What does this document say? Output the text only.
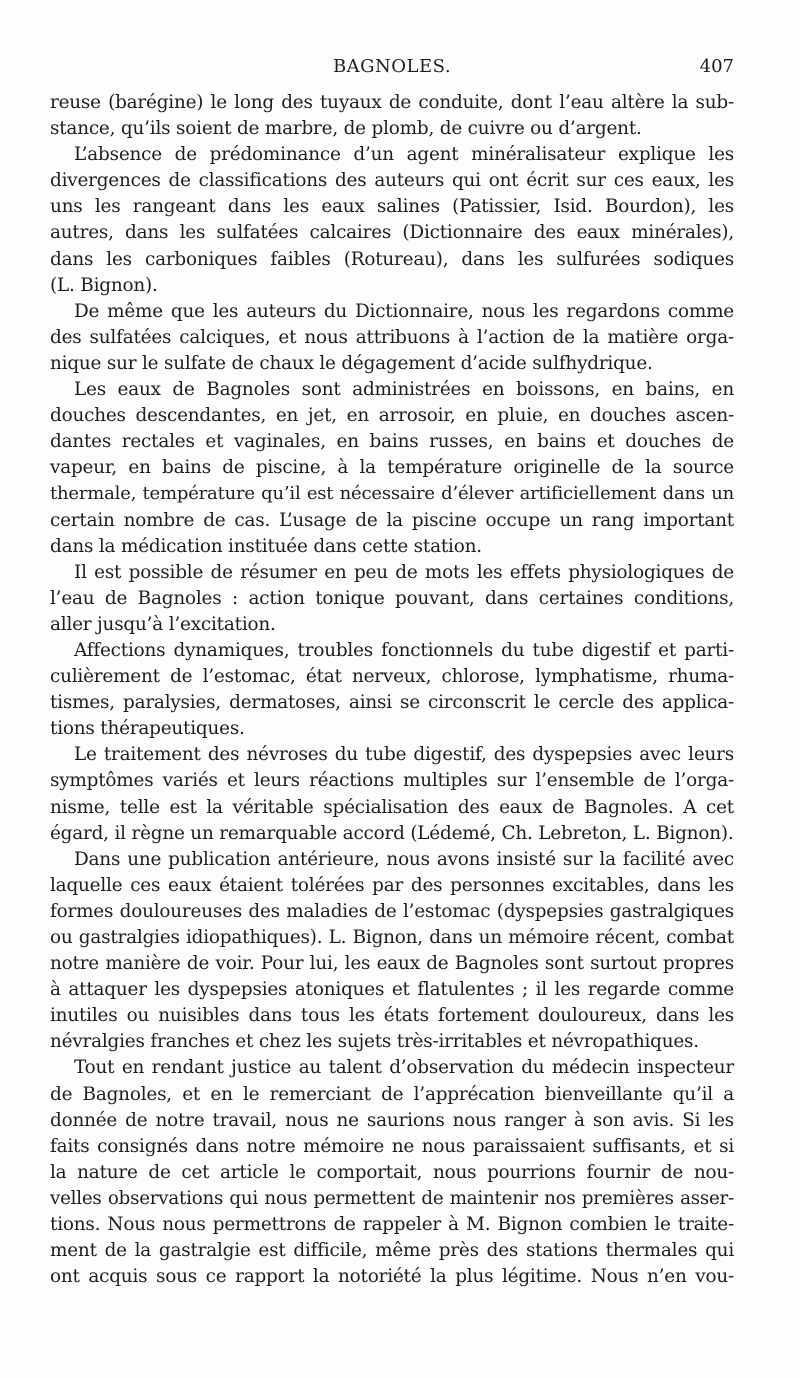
BAGNOLES.	407
reuse (barégine) le long des tuyaux de conduite, dont l’eau altère la sub-
stance, qu’ils soient de marbre, de plomb, de cuivre ou d’argent.
L’absence de prédominance d’un agent minéralisateur explique les
divergences de classifications des auteurs qui ont écrit sur ces eaux, les
uns les rangeant dans les eaux salines (Patissier, Isid. Bourdon), les
autres, dans les sulfatées calcaires (Dictionnaire des eaux minérales),
dans les carboniques faibles (Rotureau), dans les sulfurées sodiques
(L. Bignon).
De même que les auteurs du Dictionnaire, nous les regardons comme
des sulfatées calciques, et nous attribuons à l’action de la matière orga-
nique sur le sulfate de chaux le dégagement d’acide sulfhydrique.
Les eaux de Bagnoles sont administrées en boissons, en bains, en
douches descendantes, en jet, en arrosoir, en pluie, en douches ascen-
dantes rectales et vaginales, en bains russes, en bains et douches de
vapeur, en bains de piscine, à la température originelle de la source
thermale, température qu’il est nécessaire d’élever artificiellement dans un
certain nombre de cas. L’usage de la piscine occupe un rang important
dans la médication instituée dans cette station.
Il est possible de résumer en peu de mots les effets physiologiques de
l’eau de Bagnoles : action tonique pouvant, dans certaines conditions,
aller jusqu’à l’excitation.
Affections dynamiques, troubles fonctionnels du tube digestif et parti-
culièrement de l’estomac, état nerveux, chlorose, lymphatisme, rhuma-
tismes, paralysies, dermatoses, ainsi se circonscrit le cercle des applica-
tions thérapeutiques.
Le traitement des névroses du tube digestif, des dyspepsies avec leurs
symptômes variés et leurs réactions multiples sur l’ensemble de l’orga-
nisme, telle est la véritable spécialisation des eaux de Bagnoles. A cet
égard, il règne un remarquable accord (Lédemé, Ch. Lebreton, L. Bignon).
Dans une publication antérieure, nous avons insisté sur la facilité avec
laquelle ces eaux étaient tolérées par des personnes excitables, dans les
formes douloureuses des maladies de l’estomac (dyspepsies gastralgiques
ou gastralgies idiopathiques). L. Bignon, dans un mémoire récent, combat
notre manière de voir. Pour lui, les eaux de Bagnoles sont surtout propres
à attaquer les dyspepsies atoniques et flatulentes ; il les regarde comme
inutiles ou nuisibles dans tous les états fortement douloureux, dans les
névralgies franches et chez les sujets très-irritables et névropathiques.
Tout en rendant justice au talent d’observation du médecin inspecteur
de Bagnoles, et en le remerciant de l’apprécation bienveillante qu’il a
donnée de notre travail, nous ne saurions nous ranger à son avis. Si les
faits consignés dans notre mémoire ne nous paraissaient suffisants, et si
la nature de cet article le comportait, nous pourrions fournir de nou-
velles observations qui nous permettent de maintenir nos premières asser-
tions. Nous nous permettrons de rappeler à M. Bignon combien le traite-
ment de la gastralgie est difficile, même près des stations thermales qui
ont acquis sous ce rapport la notoriété la plus légitime. Nous n’en vou-
